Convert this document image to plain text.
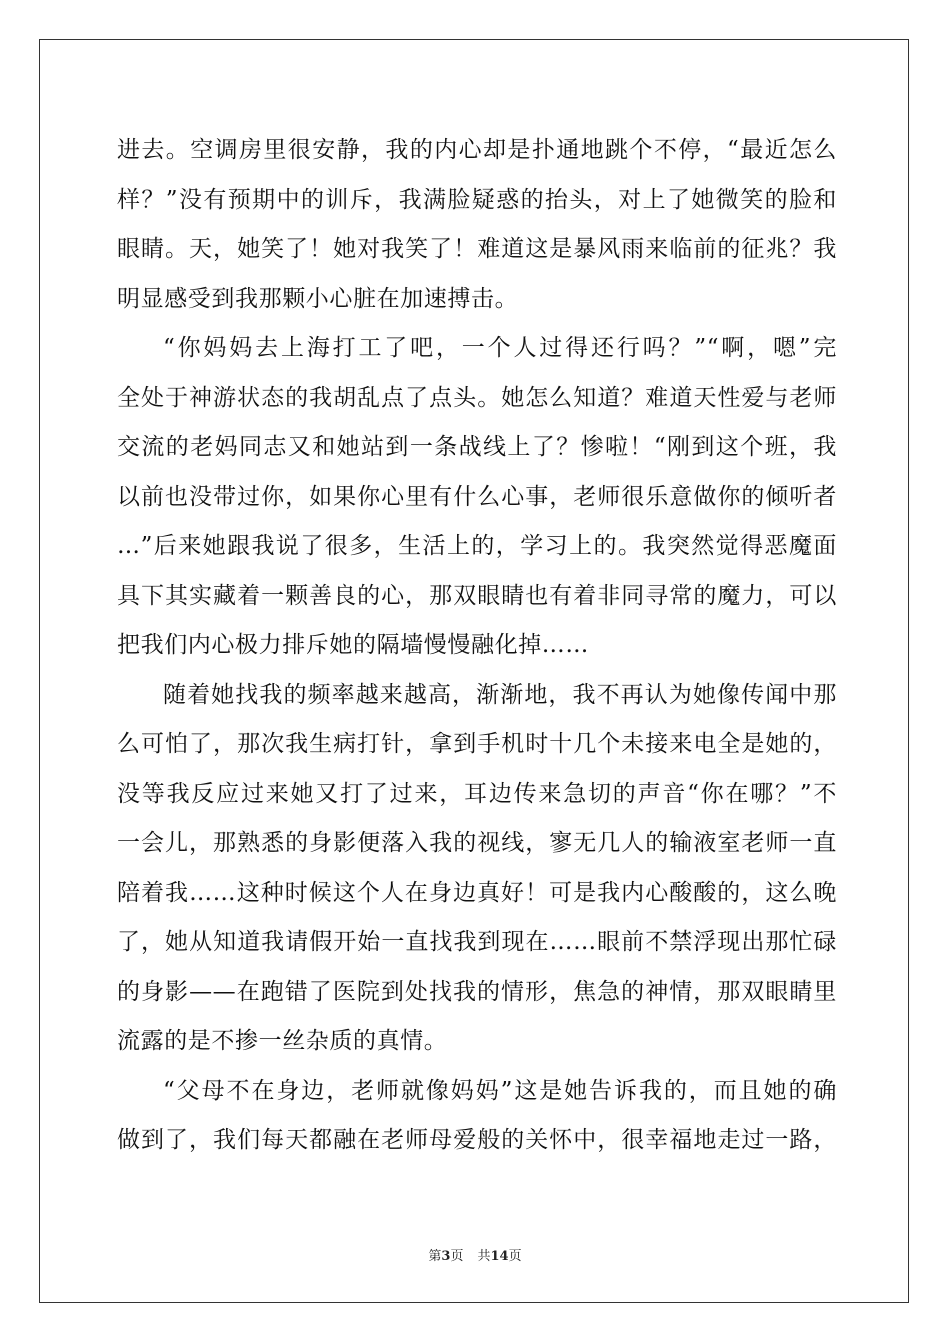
进去。空调房里很安静，我的内心却是扑通地跳个不停，“最近怎么
样？”没有预期中的训斥，我满脸疑惑的抬头，对上了她微笑的脸和
眼睛。天，她笑了！她对我笑了！难道这是暴风雨来临前的征兆？我
明显感受到我那颗小心脏在加速搏击。
“你妈妈去上海打工了吧，一个人过得还行吗？”“啊，嗯”完
全处于神游状态的我胡乱点了点头。她怎么知道？难道天性爱与老师
交流的老妈同志又和她站到一条战线上了？惨啦！“刚到这个班，我
以前也没带过你，如果你心里有什么心事，老师很乐意做你的倾听者
…”后来她跟我说了很多，生活上的，学习上的。我突然觉得恶魔面
具下其实藏着一颗善良的心，那双眼睛也有着非同寻常的魔力，可以
把我们内心极力排斥她的隔墙慢慢融化掉……
随着她找我的频率越来越高，渐渐地，我不再认为她像传闻中那
么可怕了，那次我生病打针，拿到手机时十几个未接来电全是她的，
没等我反应过来她又打了过来，耳边传来急切的声音“你在哪？”不
一会儿，那熟悉的身影便落入我的视线，寥无几人的输液室老师一直
陪着我……这种时候这个人在身边真好！可是我内心酸酸的，这么晚
了，她从知道我请假开始一直找我到现在……眼前不禁浮现出那忙碌
的身影——在跑错了医院到处找我的情形，焦急的神情，那双眼睛里
流露的是不掺一丝杂质的真情。
“父母不在身边，老师就像妈妈”这是她告诉我的，而且她的确
做到了，我们每天都融在老师母爱般的关怀中，很幸福地走过一路，
第3页 共14页
